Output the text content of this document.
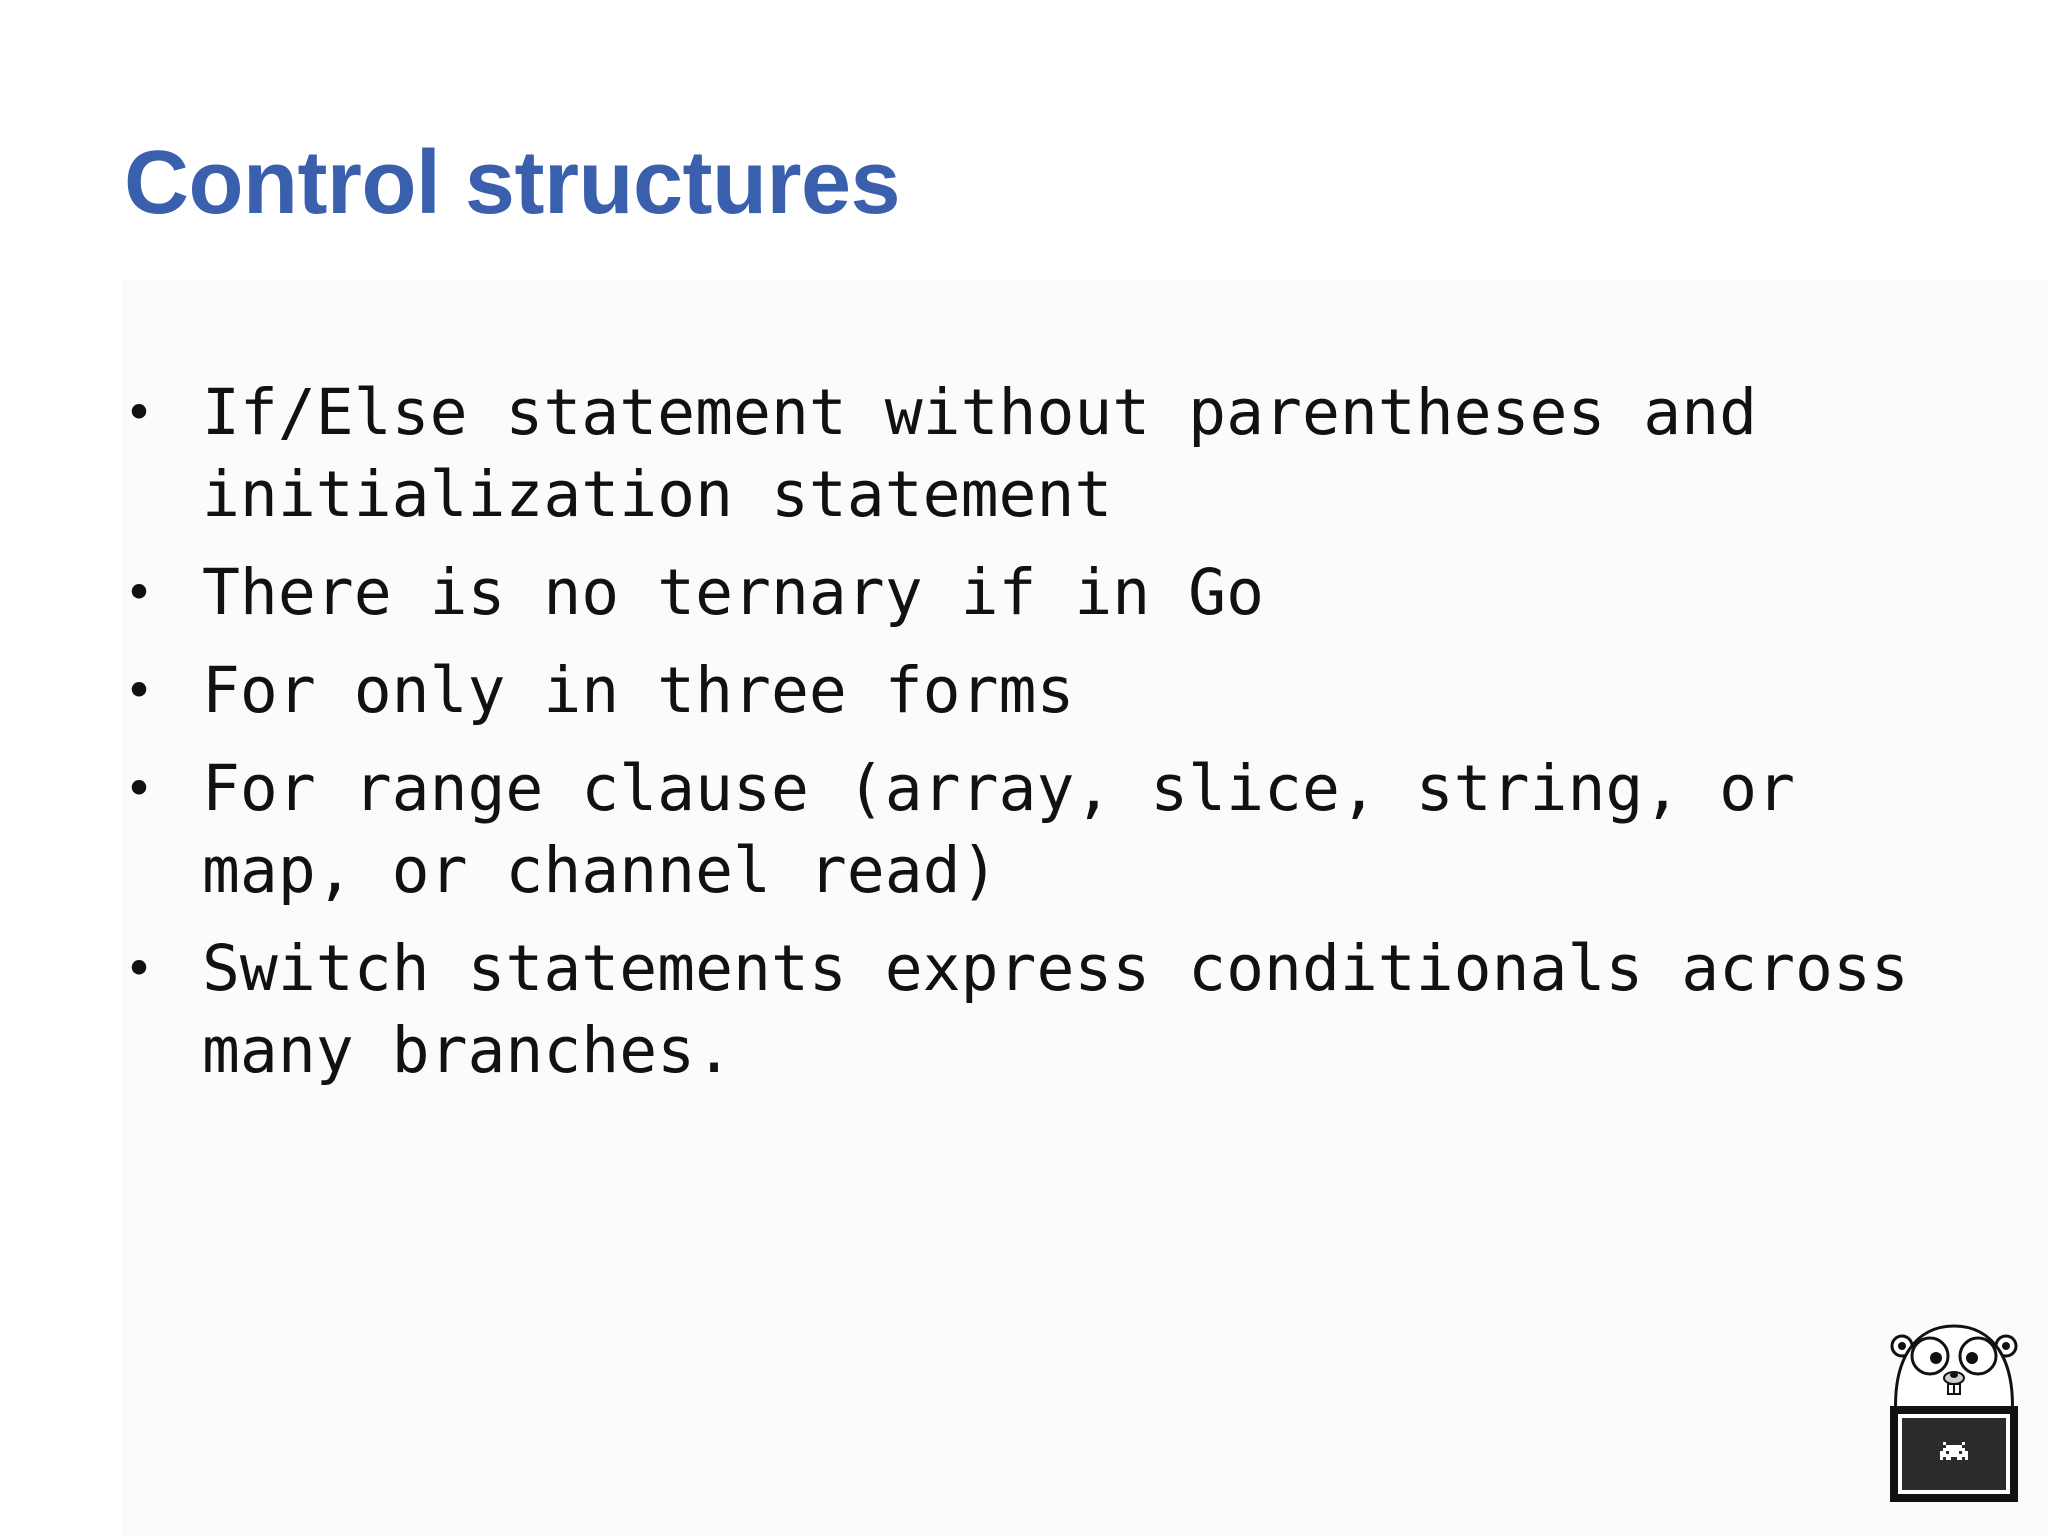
Control structures
• If/Else statement without parentheses and
initialization statement
• There is no ternary if in Go
• For only in three forms
• For range clause (array, slice, string, or
map, or channel read)
• Switch statements express conditionals across
many branches.
